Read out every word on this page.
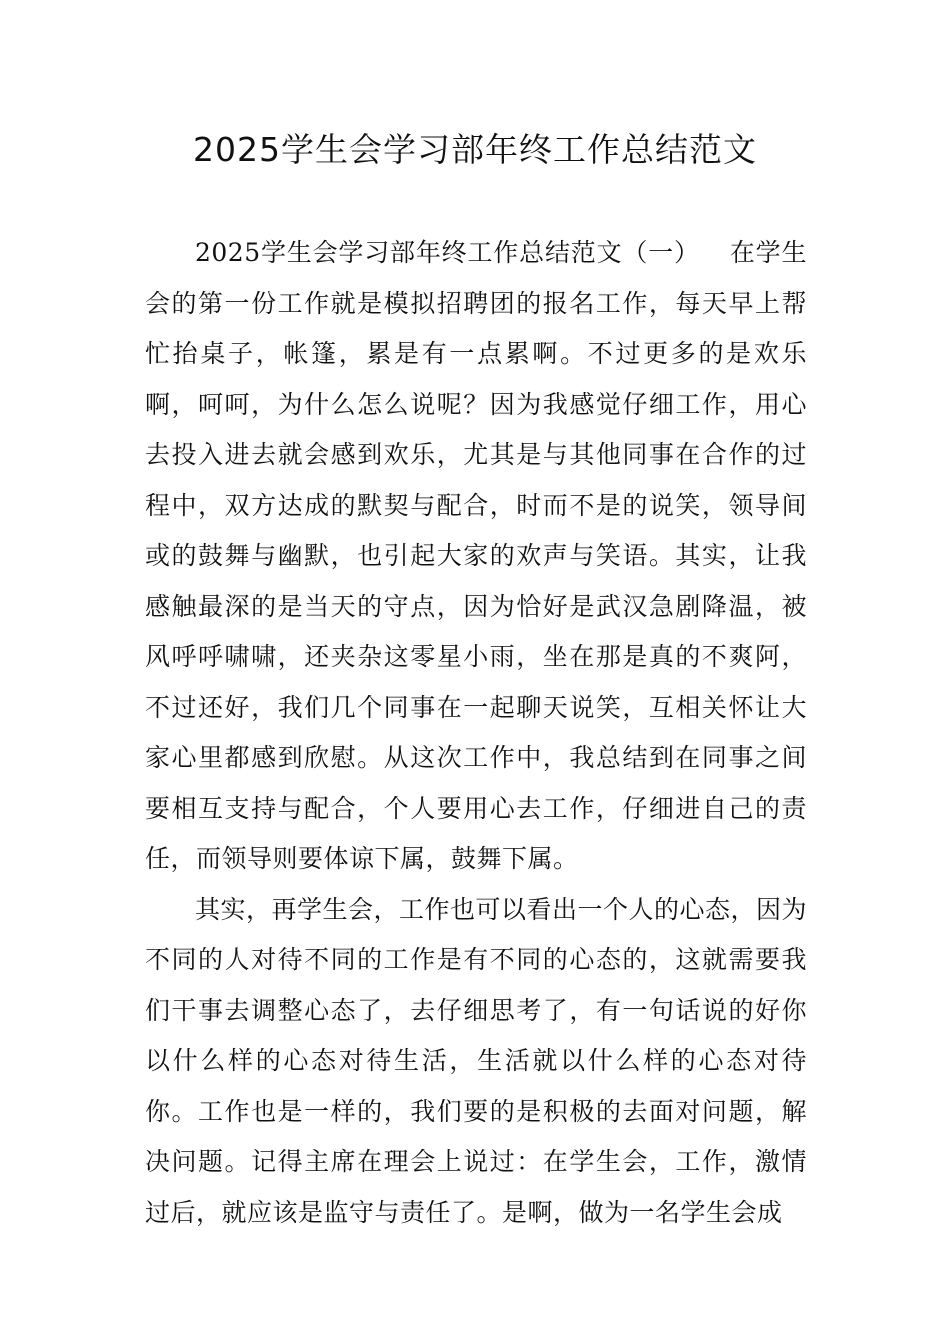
2025学生会学习部年终工作总结范文

2025学生会学习部年终工作总结范文（一） 在学生会的第一份工作就是模拟招聘团的报名工作，每天早上帮忙抬桌子，帐篷，累是有一点累啊。不过更多的是欢乐啊，呵呵，为什么怎么说呢？因为我感觉仔细工作，用心去投入进去就会感到欢乐，尤其是与其他同事在合作的过程中，双方达成的默契与配合，时而不是的说笑，领导间或的鼓舞与幽默，也引起大家的欢声与笑语。其实，让我感触最深的是当天的守点，因为恰好是武汉急剧降温，被风呼呼啸啸，还夹杂这零星小雨，坐在那是真的不爽阿，不过还好，我们几个同事在一起聊天说笑，互相关怀让大家心里都感到欣慰。从这次工作中，我总结到在同事之间要相互支持与配合，个人要用心去工作，仔细进自己的责任，而领导则要体谅下属，鼓舞下属。

其实，再学生会，工作也可以看出一个人的心态，因为不同的人对待不同的工作是有不同的心态的，这就需要我们干事去调整心态了，去仔细思考了，有一句话说的好你以什么样的心态对待生活，生活就以什么样的心态对待你。工作也是一样的，我们要的是积极的去面对问题，解决问题。记得主席在理会上说过：在学生会，工作，激情过后，就应该是监守与责任了。是啊，做为一名学生会成
